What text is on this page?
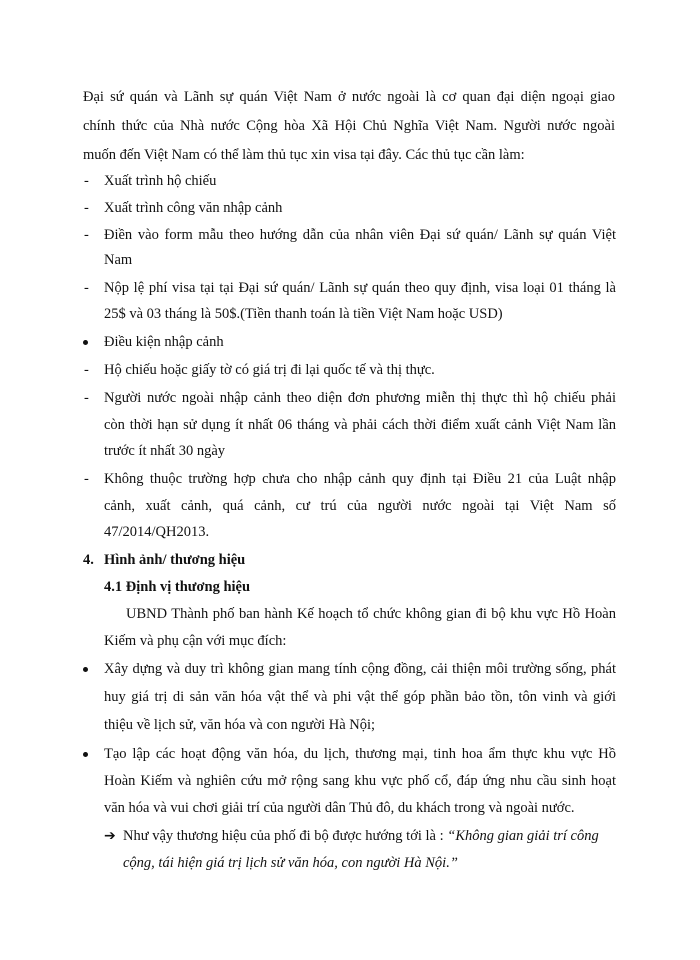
Đại sứ quán và Lãnh sự quán Việt Nam ở nước ngoài là cơ quan đại diện ngoại giao
chính thức của Nhà nước Cộng hòa Xã Hội Chủ Nghĩa Việt Nam. Người nước ngoài
muốn đến Việt Nam có thể làm thủ tục xin visa tại đây. Các thủ tục cần làm:
- Xuất trình hộ chiếu
- Xuất trình công văn nhập cảnh
- Điền vào form mẫu theo hướng dẫn của nhân viên Đại sứ quán/ Lãnh sự quán Việt
Nam
- Nộp lệ phí visa tại tại Đại sứ quán/ Lãnh sự quán theo quy định, visa loại 01 tháng là
25$ và 03 tháng là 50$.(Tiền thanh toán là tiền Việt Nam hoặc USD)
Điều kiện nhập cảnh
- Hộ chiếu hoặc giấy tờ có giá trị đi lại quốc tế và thị thực.
- Người nước ngoài nhập cảnh theo diện đơn phương miễn thị thực thì hộ chiếu phải
còn thời hạn sử dụng ít nhất 06 tháng và phải cách thời điểm xuất cảnh Việt Nam lần
trước ít nhất 30 ngày
- Không thuộc trường hợp chưa cho nhập cảnh quy định tại Điều 21 của Luật nhập
cảnh, xuất cảnh, quá cảnh, cư trú của người nước ngoài tại Việt Nam số
47/2014/QH2013.
4. Hình ảnh/ thương hiệu
4.1 Định vị thương hiệu
UBND Thành phố ban hành Kế hoạch tổ chức không gian đi bộ khu vực Hồ Hoàn
Kiếm và phụ cận với mục đích:
Xây dựng và duy trì không gian mang tính cộng đồng, cải thiện môi trường sống, phát
huy giá trị di sản văn hóa vật thể và phi vật thể góp phần bảo tồn, tôn vinh và giới
thiệu về lịch sử, văn hóa và con người Hà Nội;
Tạo lập các hoạt động văn hóa, du lịch, thương mại, tinh hoa ẩm thực khu vực Hồ
Hoàn Kiếm và nghiên cứu mở rộng sang khu vực phố cổ, đáp ứng nhu cầu sinh hoạt
văn hóa và vui chơi giải trí của người dân Thủ đô, du khách trong và ngoài nước.
➔ Như vậy thương hiệu của phố đi bộ được hướng tới là : “Không gian giải trí công
cộng, tái hiện giá trị lịch sử văn hóa, con người Hà Nội.”
